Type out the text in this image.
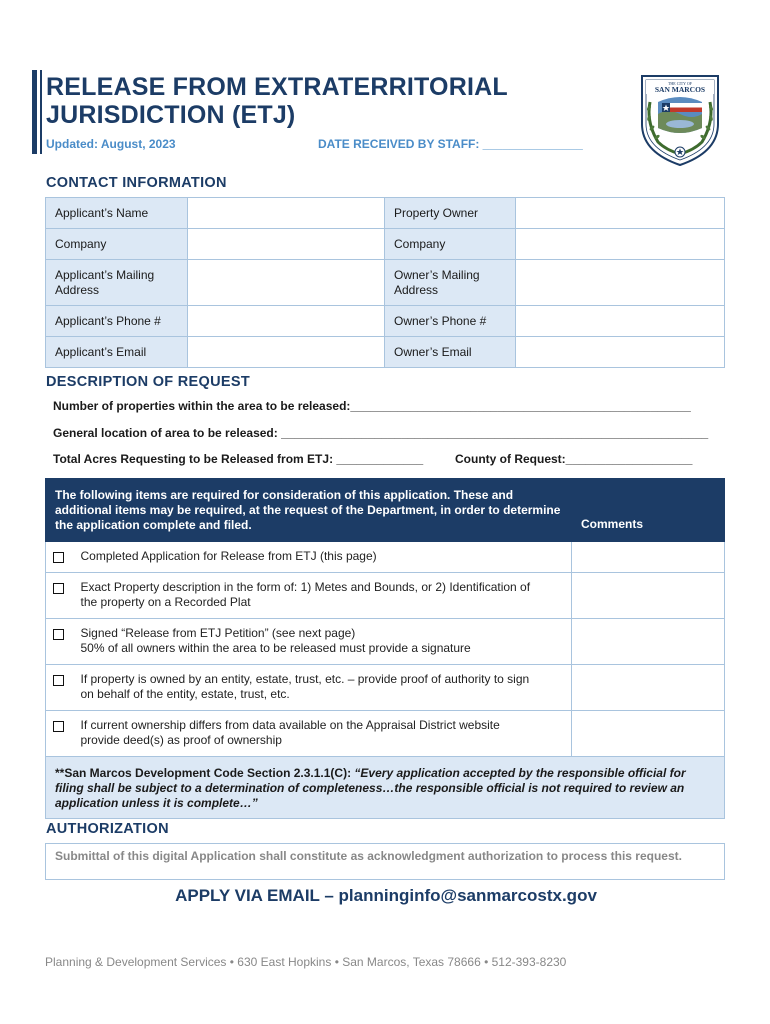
RELEASE FROM EXTRATERRITORIAL
JURISDICTION (ETJ)
Updated: August, 2023	DATE RECEIVED BY STAFF: _______________
THE CITY OF
SAN MARCOS
CONTACT INFORMATION
Applicant’s Name		Property Owner	
Company		Company	
Applicant’s Mailing Address		Owner’s Mailing Address	
Applicant’s Phone #		Owner’s Phone #	
Applicant’s Email		Owner’s Email	
DESCRIPTION OF REQUEST
Number of properties within the area to be released:___________________________________________________
General location of area to be released: ________________________________________________________________
Total Acres Requesting to be Released from ETJ: _____________	County of Request:___________________
The following items are required for consideration of this application. These and additional items may be required, at the request of the Department, in order to determine the application complete and filed.		Comments

	Completed Application for Release from ETJ (this page)	

	Exact Property description in the form of: 1) Metes and Bounds, or 2) Identification of
the property on a Recorded Plat	

	Signed “Release from ETJ Petition” (see next page)
50% of all owners within the area to be released must provide a signature	

	If property is owned by an entity, estate, trust, etc. – provide proof of authority to sign
on behalf of the entity, estate, trust, etc.	

	If current ownership differs from data available on the Appraisal District website
provide deed(s) as proof of ownership	

**San Marcos Development Code Section 2.3.1.1(C): “Every application accepted by the responsible official for filing shall be subject to a determination of completeness…the responsible official is not required to review an application unless it is complete…”		
AUTHORIZATION
Submittal of this digital Application shall constitute as acknowledgment authorization to process this request.
APPLY VIA EMAIL – planninginfo@sanmarcostx.gov
Planning & Development Services • 630 East Hopkins • San Marcos, Texas 78666 • 512-393-8230
